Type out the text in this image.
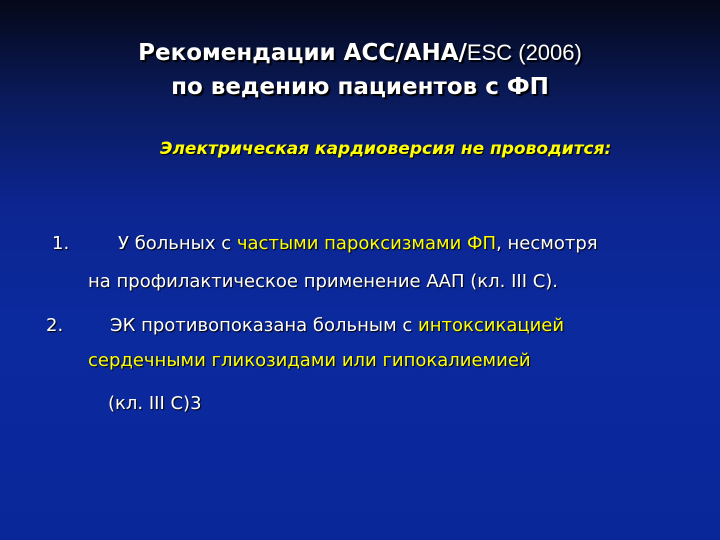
Рекомендации АСС/АНА/ESC (2006)
по ведению пациентов с ФП
Электрическая кардиоверсия не проводится:
1.	У больных с частыми пароксизмами ФП, несмотря
на профилактическое применение ААП (кл. III C).
2.	ЭК противопоказана больным с интоксикацией
сердечными гликозидами или гипокалиемией
(кл. III C)3
